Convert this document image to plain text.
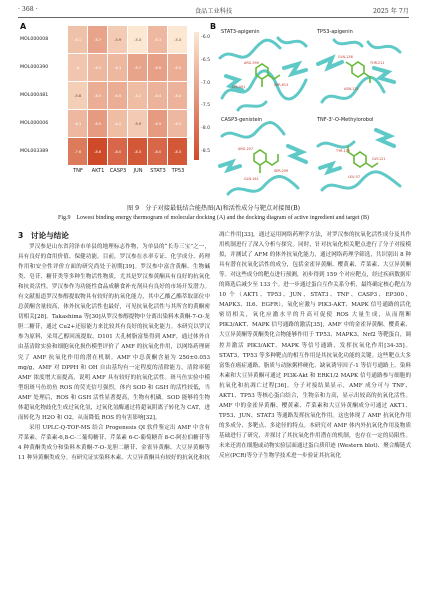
· 368 ·	食品工业科技	2025 年 7月
A
MOL000008	-6.1	-6.7	-5.9	-5.3	-6.3	-5.3
MOL000390	-6	-6.3	-6.3	-6.7	-6.8	-6.5
MOL000481	-5.8	-6.5	-6.5	-6.2	-6.4	-6.4
MOL000006	-6.3	-6.9	-6.2	-5.9	-6.9	-6.3
MOL003389	-7.6	-8.6	-8.0	-8.3	-8.0	-8.3
TNF	AKT1	CASP3	JUN	STAT3	TP53
-6.0
-6.5
-7.0
-7.5
-8.0
-8.5
B
STAT3-apigenin
ARG-595
SER-613
LYS-591
TP53-apigenin
GLN-136
THR-211
ASN-131
CASP3-genistein
ARG-207
SER-209
GLN-161
TNF-3'-O-Methylorobol
TYR-119
GLY-121
LEU-57
图 9　分子对接最低结合能热图(A)和活性成分与靶点对接图(B)
Fig.9　Lowest binding energy thermogram of molecular docking (A) and the docking diagram of active ingredient and target (B)
3　讨论与结论

罗汉参是山东省菏泽市单县的地理标志作物，为单县的“长寿三宝”之一，具有良好的食用价值、保健功能。目前，罗汉参在水率专证、化学成分、药理作用和安全性评价方面的研究尚处于初期[39]。罗汉参中富含黄酮、生物碱类、皂苷、糖苷类等多种生物活性物质，尤其是罗汉参黄酮具有良好的抗氧化和抗炎活性。罗汉参作为功能性食品成糖食补充剂具有良好的市场开发潜力。有文献报道罗汉参醇提取物具有较好的抗氧化能力，其中乙酸乙酯萃取部位中总黄酮含量较高，体外抗氧化活性也最好，可见抗氧化活性与其所含的黄酮密切相关[28]。Takashima 等[30]从罗汉参醇提物中分离出染料木黄酮-7-O-龙胆二糖苷，通过 Cu2+还原能力来比较其有良好的抗氧化能力。本研究以罗汉参为原料，采用乙醇回流提取、D101 大孔树脂富集得到 AMF，通过体外自由基清除实验和细胞氧化损伤模型评价了 AMF 的抗氧化作用，以网络药理研究了 AMF 抗氧化作用的潜在机制。AMF 中总黄酮含量为 250±0.053 mg/g，AMF 对 DPPH 和 OH 自由基均有一定程度的清除能力，清除率随 AMF 浓度增大而提高，说明 AMF 具有较好的抗氧化活性。斑马鱼实验中模型组斑马鱼幼鱼 ROS 的荧光信号强烈，体内 SOD 和 GSH 的活性较低，当 AMF 处理后，ROS 和 GSH 活性显著提高，生物有机磷。SOD 能够将生物体超氧化物歧化生成过氧化氢，过氧化氢酶通过将超氧阴离子转化为 CAT，进而转化为 H2O 和 O2，从而降低 ROS 的有害影响[32]。

采用 UPLC-Q-TOF-MS 结合 Progenesis QI 软件鉴定出 AMF 中含有芹菜素、芹菜素-6,8-C-二葡萄糖苷、芹菜素 6-C-葡萄糖苷 8-C-阿拉伯糖苷等 4 种黄酮类成分和染料木黄酮-7-O-龙胆二糖苷、金雀异黄酮、大豆异黄酮等 11 种异黄酮类成分。有研究证实染料木素、大豆异黄酮具有较好的抗氧化和抗

凋亡作用[33]，通过运用网络药理学方法，对罗汉参的抗氧化活性成分及其作用机制进行了深入分析与探究。同时，针对抗氧化相关靶点进行了分子对接模拟，并测试了 AFM 的体外抗氧化能力，通过网络药理学筛选，共识别出 8 种具有潜在抗氧化活性的成分，包括金雀异黄酮、樱黄素、芹菜素、大豆异黄酮等。对这些成分的靶点进行预测，初步得到 159 个对应靶点，经过疾病数据库的筛选后减少至 133 个。进一步通过蛋白互作关系分析，最终确定核心靶点为 10 个（AKT1、TP53、JUN、STAT3、TNF、CASP3、EP300、MAPK3、IL6、EGFR）。氧化应激与 PIK3-AKT、MAPK 信号通路的活化密切相关，氧化应激水平的升高可促使 ROS 大量生成，从而削断PIK3/AKT、MAPK 信号通路的激活[35]，AMF 中的金雀异黄酮、樱黄素、大豆异黄酮等黄酮类化合物能够作用于 TP53、MAPK3、Nrf2 等靶蛋白，调控并激活 PIK3/AKT、MAPK 等信号通路，发挥抗氧化作用[34-35]。STAT3、TP53 等多种靶点的相互作用是其抗氧化功能的关键。这些靶点大多富集在癌症通路、脂质与动脉粥样硬化、缺氧诱导因子-1 等信号通路上。染料木素和大豆异黄酮可通过 PI3K-Akt 和 ERK1/2 MAPK 信号通路参与细胞的抗氧化和抗凋亡过程[36]。分子对接结果显示，AMF 成分可与 TNF、AKT1、TP53 等核心蛋白结合，生物亲和力高，显示出较高的抗氧化活性。AMF 中的金雀异黄酮、樱黄素、芹菜素和大豆异黄酮成分可通过 AKT1、TP53、JUN、STAT3 等通路发挥抗氧化作用。这也体现了 AMF 抗氧化作用的多成分、多靶点、多途径的特点。本研究对 AMF 体内外抗氧化作用及物质基础进行了研究，并探讨了其抗氧化作用潜在的机制，也存在一定的局限性。未来还需在细胞或动物实验层面通过蛋白质印迹 (Western blot)、聚合酶链式反应(PCR)等分子生物学技术进一步验证其抗氧化
